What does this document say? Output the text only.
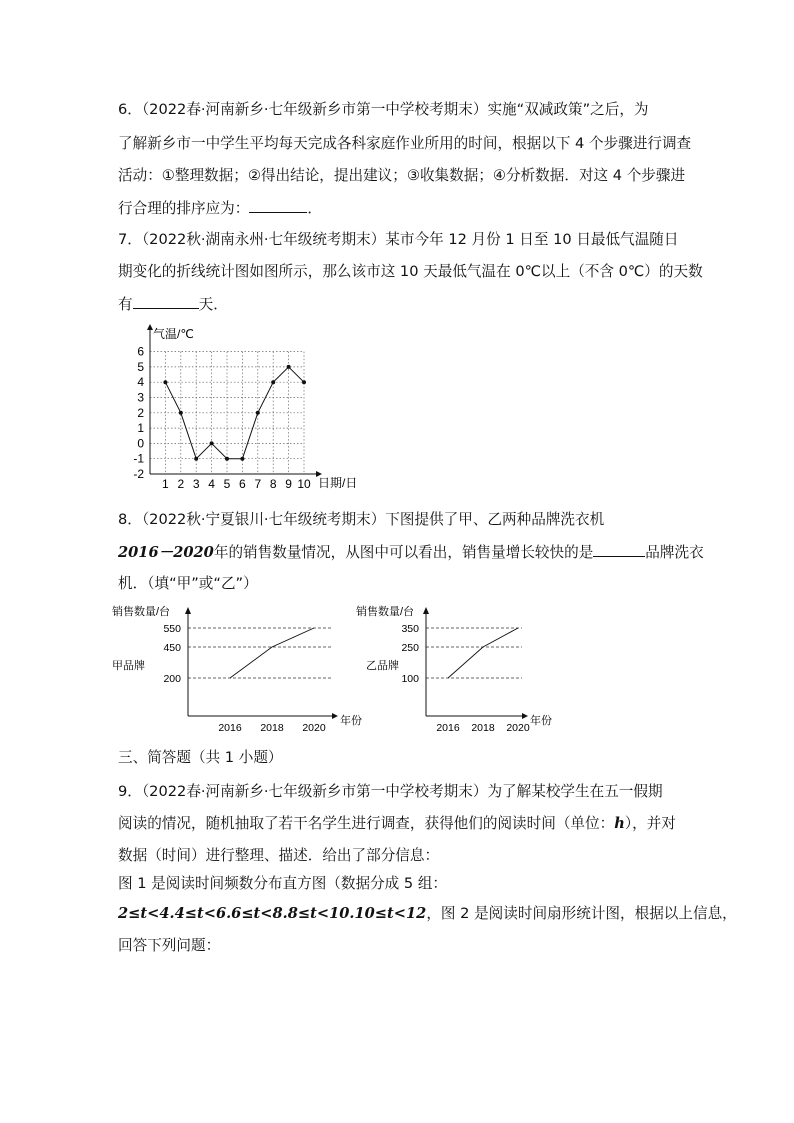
6．（2022春·河南新乡·七年级新乡市第一中学校考期末）实施“双减政策”之后，为
了解新乡市一中学生平均每天完成各科家庭作业所用的时间，根据以下 4 个步骤进行调查
活动：①整理数据；②得出结论，提出建议；③收集数据；④分析数据．对这 4 个步骤进
行合理的排序应为：	．
7．（2022秋·湖南永州·七年级统考期末）某市今年 12 月份 1 日至 10 日最低气温随日
期变化的折线统计图如图所示，那么该市这 10 天最低气温在 0℃以上（不含 0℃）的天数
有	天．
气温/℃
日期/日
-2
-1
0
1
2
3
4
5
6
1 2 3 4 5 6 7 8 9 10
8．（2022秋·宁夏银川·七年级统考期末）下图提供了甲、乙两种品牌洗衣机
2016－2020年的销售数量情况，从图中可以看出，销售量增长较快的是	品牌洗衣
机．（填“甲”或“乙”）
销售数量/台
年份
甲品牌
200
450
550
2016 2018 2020
销售数量/台
年份
乙品牌
100
250
350
2016 2018 2020
三、简答题（共 1 小题）
9．（2022春·河南新乡·七年级新乡市第一中学校考期末）为了解某校学生在五一假期
阅读的情况，随机抽取了若干名学生进行调查，获得他们的阅读时间（单位：h），并对
数据（时间）进行整理、描述．给出了部分信息：
图 1 是阅读时间频数分布直方图（数据分成 5 组：
2≤t<4.4≤t<6.6≤t<8.8≤t<10.10≤t<12，图 2 是阅读时间扇形统计图，根据以上信息，
回答下列问题：
